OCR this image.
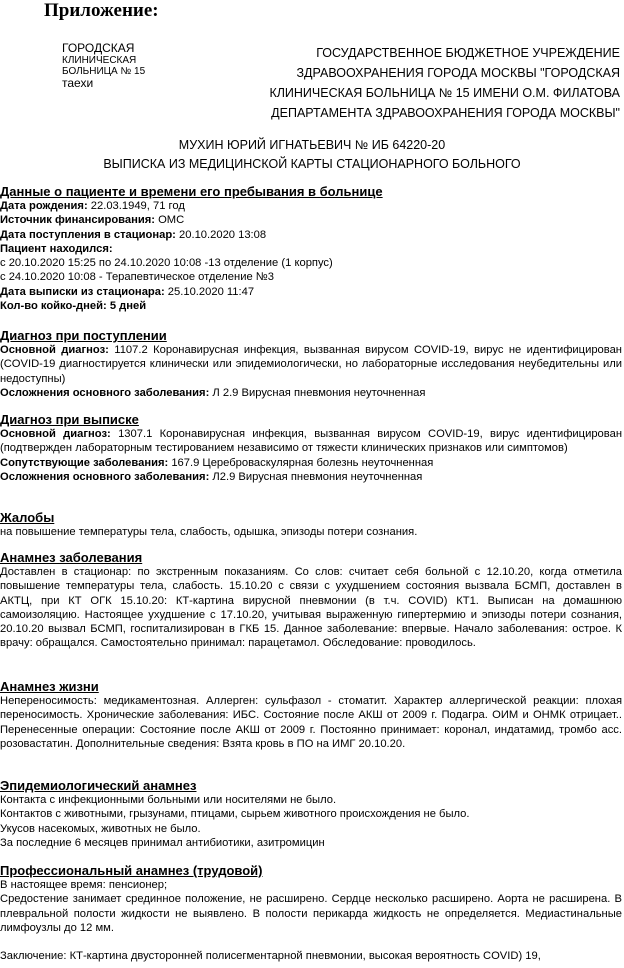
Приложение:
ГОРОДСКАЯ
КЛИНИЧЕСКАЯ
БОЛЬНИЦА № 15
таехи
ГОСУДАРСТВЕННОЕ БЮДЖЕТНОЕ УЧРЕЖДЕНИЕ
ЗДРАВООХРАНЕНИЯ ГОРОДА МОСКВЫ "ГОРОДСКАЯ
КЛИНИЧЕСКАЯ БОЛЬНИЦА № 15 ИМЕНИ О.М. ФИЛАТОВА
ДЕПАРТАМЕНТА ЗДРАВООХРАНЕНИЯ ГОРОДА МОСКВЫ"
МУХИН ЮРИЙ ИГНАТЬЕВИЧ № ИБ 64220-20
ВЫПИСКА ИЗ МЕДИЦИНСКОЙ КАРТЫ СТАЦИОНАРНОГО БОЛЬНОГО
Данные о пациенте и времени его пребывания в больнице

Дата рождения: 22.03.1949, 71 год

Источник финансирования: ОМС

Дата поступления в стационар: 20.10.2020 13:08

Пациент находился:

с 20.10.2020 15:25 по 24.10.2020 10:08 -13 отделение (1 корпус)

с 24.10.2020 10:08 - Терапевтическое отделение №3

Дата выписки из стационара: 25.10.2020 11:47

Кол-во койко-дней: 5 дней

Диагноз при поступлении

Основной диагноз: 1107.2 Коронавирусная инфекция, вызванная вирусом COVID-19, вирус не идентифицирован (COVID-19 диагностируется клинически или эпидемиологически, но лабораторные исследования неубедительны или недоступны)

Осложнения основного заболевания: Л 2.9 Вирусная пневмония неуточненная

Диагноз при выписке

Основной диагноз: 1307.1 Коронавирусная инфекция, вызванная вирусом COVID-19, вирус идентифицирован (подтвержден лабораторным тестированием независимо от тяжести клинических признаков или симптомов)

Сопутствующие заболевания: 167.9 Цереброваскулярная болезнь неуточненная

Осложнения основного заболевания: Л2.9 Вирусная пневмония неуточненная

Жалобы

на повышение температуры тела, слабость, одышка, эпизоды потери сознания.

Анамнез заболевания

Доставлен в стационар: по экстренным показаниям. Со слов: считает себя больной с 12.10.20, когда отметила повышение температуры тела, слабость. 15.10.20 с связи с ухудшением состояния вызвала БСМП, доставлен в АКТЦ, при КТ ОГК 15.10.20: КТ-картина вирусной пневмонии (в т.ч. COVID) КТ1. Выписан на домашнюю самоизоляцию. Настоящее ухудшение с 17.10.20, учитывая выраженную гипертермию и эпизоды потери сознания, 20.10.20 вызвал БСМП, госпитализирован в ГКБ 15. Данное заболевание: впервые. Начало заболевания: острое. К врачу: обращался. Самостоятельно принимал: парацетамол. Обследование: проводилось.

Анамнез жизни

Непереносимость: медикаментозная. Аллерген: сульфазол - стоматит. Характер аллергической реакции: плохая переносимость. Хронические заболевания: ИБС. Состояние после АКШ от 2009 г. Подагра. ОИМ и ОНМК отрицает.. Перенесенные операции: Состояние после АКШ от 2009 г. Постоянно принимает: коронал, индатамид, тромбо асс. розовастатин. Дополнительные сведения: Взята кровь в ПО на ИМГ 20.10.20.

Эпидемиологический анамнез

Контакта с инфекционными больными или носителями не было.

Контактов с животными, грызунами, птицами, сырьем животного происхождения не было.

Укусов насекомых, животных не было.

За последние 6 месяцев принимал антибиотики, азитромицин

Профессиональный анамнез (трудовой)

В настоящее время: пенсионер;

Средостение занимает срединное положение, не расширено. Сердце несколько расширено. Аорта не расширена. В плевральной полости жидкости не выявлено. В полости перикарда жидкость не определяется. Медиастинальные лимфоузлы до 12 мм.

Заключение: КТ-картина двусторонней полисегментарной пневмонии, высокая вероятность COVID) 19,
